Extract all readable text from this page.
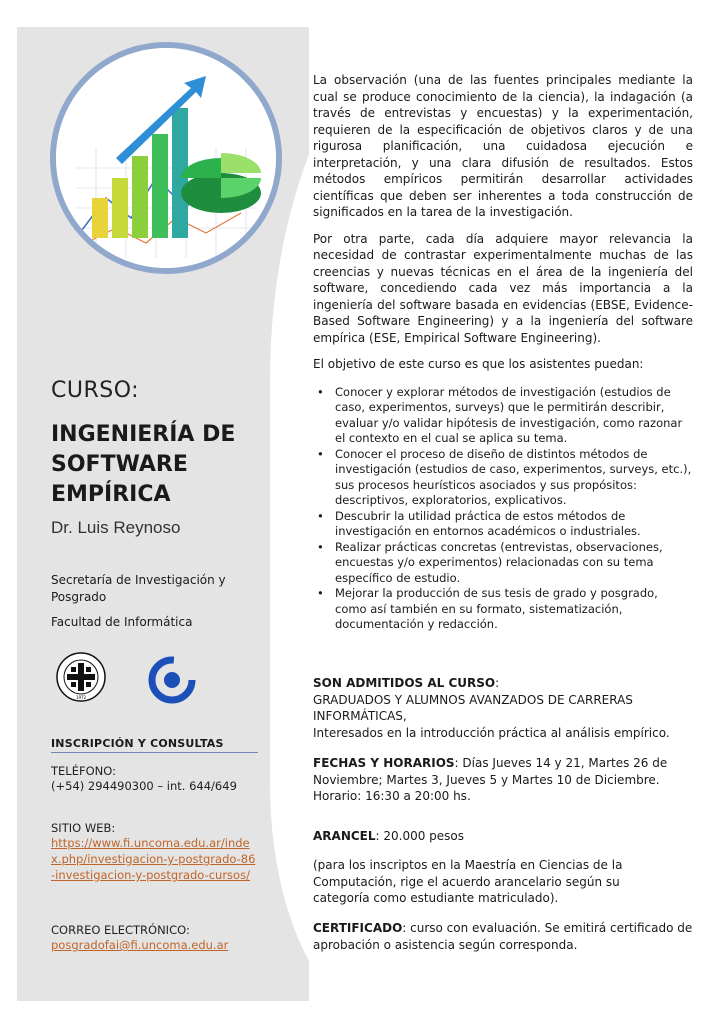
CURSO:
INGENIERÍA DE
SOFTWARE
EMPÍRICA
Dr. Luis Reynoso
Secretaría de Investigación y Posgrado
Facultad de Informática
1972
INSCRIPCIÓN Y CONSULTAS
TELÉFONO:
(+54) 294490300 – int. 644/649
SITIO WEB:
https://www.fi.uncoma.edu.ar/index.php/investigacion-y-postgrado-86-investigacion-y-postgrado-cursos/
CORREO ELECTRÓNICO:
posgradofai@fi.uncoma.edu.ar

La observación (una de las fuentes principales mediante la cual se produce conocimiento de la ciencia), la indagación (a través de entrevistas y encuestas) y la experimentación, requieren de la especificación de objetivos claros y de una rigurosa planificación, una cuidadosa ejecución e interpretación, y una clara difusión de resultados. Estos métodos empíricos permitirán desarrollar actividades científicas que deben ser inherentes a toda construcción de significados en la tarea de la investigación.

Por otra parte, cada día adquiere mayor relevancia la necesidad de contrastar experimentalmente muchas de las creencias y nuevas técnicas en el área de la ingeniería del software, concediendo cada vez más importancia a la ingeniería del software basada en evidencias (EBSE, Evidence-Based Software Engineering) y a la ingeniería del software empírica (ESE, Empirical Software Engineering).

El objetivo de este curso es que los asistentes puedan:

• Conocer y explorar métodos de investigación (estudios de caso, experimentos, surveys) que le permitirán describir, evaluar y/o validar hipótesis de investigación, como razonar el contexto en el cual se aplica su tema.
• Conocer el proceso de diseño de distintos métodos de investigación (estudios de caso, experimentos, surveys, etc.), sus procesos heurísticos asociados y sus propósitos: descriptivos, exploratorios, explicativos.
• Descubrir la utilidad práctica de estos métodos de investigación en entornos académicos o industriales.
• Realizar prácticas concretas (entrevistas, observaciones, encuestas y/o experimentos) relacionadas con su tema específico de estudio.
• Mejorar la producción de sus tesis de grado y posgrado, como así también en su formato, sistematización, documentación y redacción.
SON ADMITIDOS AL CURSO:
GRADUADOS Y ALUMNOS AVANZADOS DE CARRERAS INFORMÁTICAS,
Interesados en la introducción práctica al análisis empírico.
FECHAS Y HORARIOS: Días Jueves 14 y 21, Martes 26 de Noviembre; Martes 3, Jueves 5 y Martes 10 de Diciembre.
Horario: 16:30 a 20:00 hs.
ARANCEL: 20.000 pesos
(para los inscriptos en la Maestría en Ciencias de la Computación, rige el acuerdo arancelario según su categoría como estudiante matriculado).
CERTIFICADO: curso con evaluación. Se emitirá certificado de aprobación o asistencia según corresponda.
